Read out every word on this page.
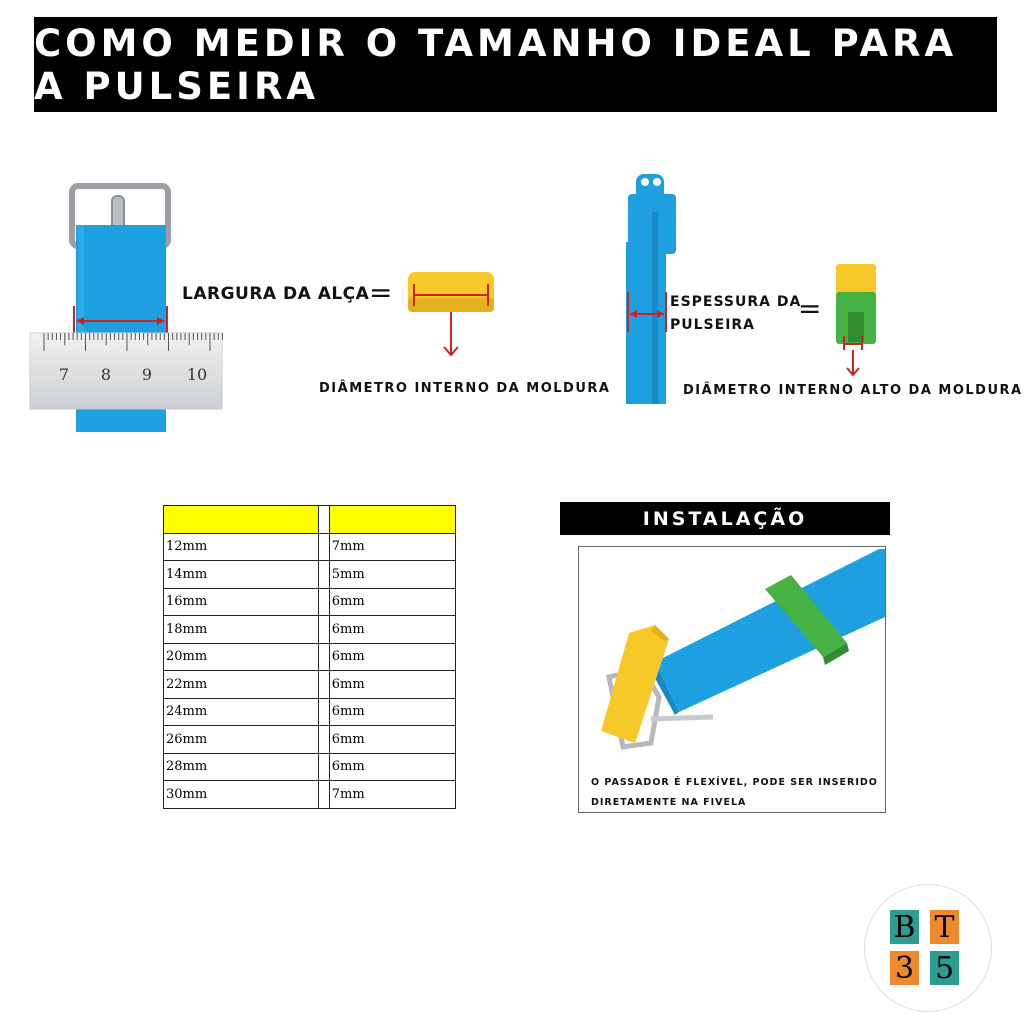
COMO MEDIR O TAMANHO IDEAL PARA A PULSEIRA
7 8 9 10
LARGURA DA ALÇA =
DIÂMETRO INTERNO DA MOLDURA
ESPESSURA DA
PULSEIRA	=
DIÂMETRO INTERNO ALTO DA MOLDURA

12mm		7mm
14mm		5mm
16mm		6mm
18mm		6mm
20mm		6mm
22mm		6mm
24mm		6mm
26mm		6mm
28mm		6mm
30mm		7mm
INSTALAÇÃO
O PASSADOR É FLEXÍVEL, PODE SER INSERIDO
DIRETAMENTE NA FIVELA
B T
3 5
